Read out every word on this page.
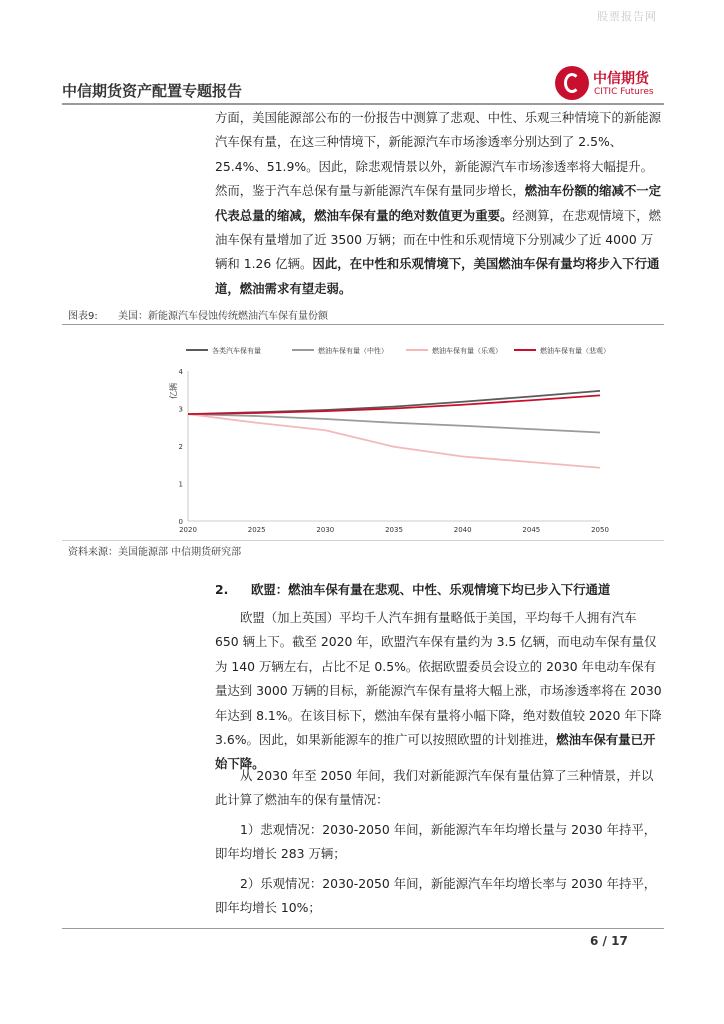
股票报告网
中信期货资产配置专题报告
中信期货
CITIC Futures
方面，美国能源部公布的一份报告中测算了悲观、中性、乐观三种情境下的新能源汽车保有量，在这三种情境下，新能源汽车市场渗透率分别达到了 2.5%、25.4%、51.9%。因此，除悲观情景以外，新能源汽车市场渗透率将大幅提升。然而，鉴于汽车总保有量与新能源汽车保有量同步增长，燃油车份额的缩减不一定代表总量的缩减，燃油车保有量的绝对数值更为重要。经测算，在悲观情境下，燃油车保有量增加了近 3500 万辆；而在中性和乐观情境下分别减少了近 4000 万辆和 1.26 亿辆。因此，在中性和乐观情境下，美国燃油车保有量均将步入下行通道，燃油需求有望走弱。
图表9: 美国：新能源汽车侵蚀传统燃油汽车保有量份额
各类汽车保有量	燃油车保有量（中性）	燃油车保有量（乐观）	燃油车保有量（悲观）
0
1
2
3
4
2020	2025	2030	2035	2040	2045	2050
亿辆
资料来源：美国能源部 中信期货研究部
2. 欧盟：燃油车保有量在悲观、中性、乐观情境下均已步入下行通道
欧盟（加上英国）平均千人汽车拥有量略低于美国，平均每千人拥有汽车 650 辆上下。截至 2020 年，欧盟汽车保有量约为 3.5 亿辆，而电动车保有量仅为 140 万辆左右，占比不足 0.5%。依据欧盟委员会设立的 2030 年电动车保有量达到 3000 万辆的目标，新能源汽车保有量将大幅上涨，市场渗透率将在 2030 年达到 8.1%。在该目标下，燃油车保有量将小幅下降，绝对数值较 2020 年下降 3.6%。因此，如果新能源车的推广可以按照欧盟的计划推进，燃油车保有量已开始下降。
从 2030 年至 2050 年间，我们对新能源汽车保有量估算了三种情景，并以此计算了燃油车的保有量情况：
1）悲观情况：2030-2050 年间，新能源汽车年均增长量与 2030 年持平，即年均增长 283 万辆；
2）乐观情况：2030-2050 年间，新能源汽车年均增长率与 2030 年持平，即年均增长 10%；
6 / 17
